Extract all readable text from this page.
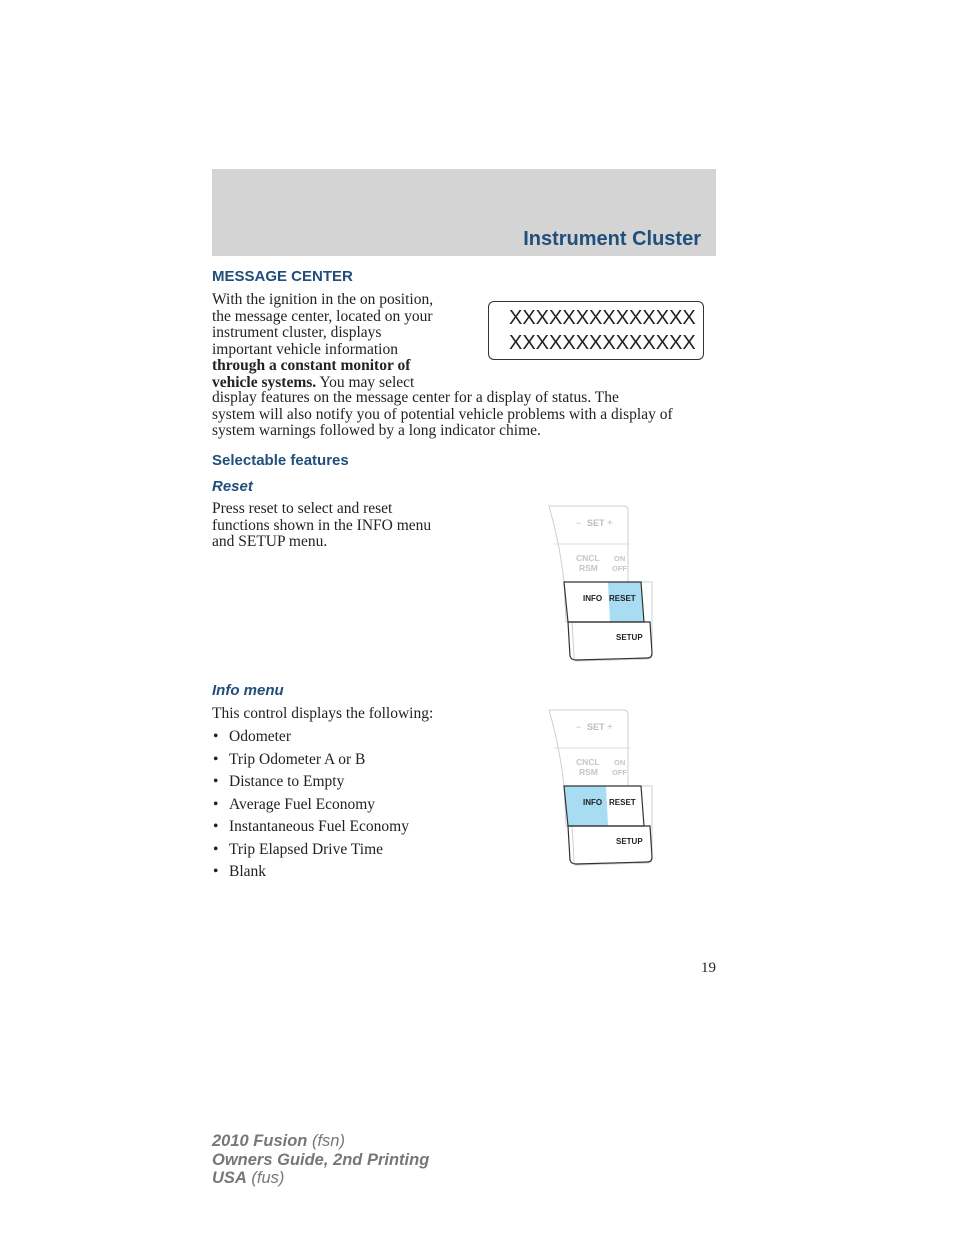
Instrument Cluster
MESSAGE CENTER
With the ignition in the on position,
the message center, located on your
instrument cluster, displays
important vehicle information
through a constant monitor of
vehicle systems. You may select
display features on the message center for a display of status. The
system will also notify you of potential vehicle problems with a display of
system warnings followed by a long indicator chime.
XXXXXXXXXXXXXX
XXXXXXXXXXXXXX
Selectable features
Reset
Press reset to select and reset
functions shown in the INFO menu
and SETUP menu.
− SET +
CNCL
RSM
ON
OFF
INFO RESET
SETUP
Info menu
This control displays the following:
• Odometer
• Trip Odometer A or B
• Distance to Empty
• Average Fuel Economy
• Instantaneous Fuel Economy
• Trip Elapsed Drive Time
• Blank
− SET +
CNCL
RSM
ON
OFF
INFO RESET
SETUP
19
2010 Fusion (fsn)
Owners Guide, 2nd Printing
USA (fus)
